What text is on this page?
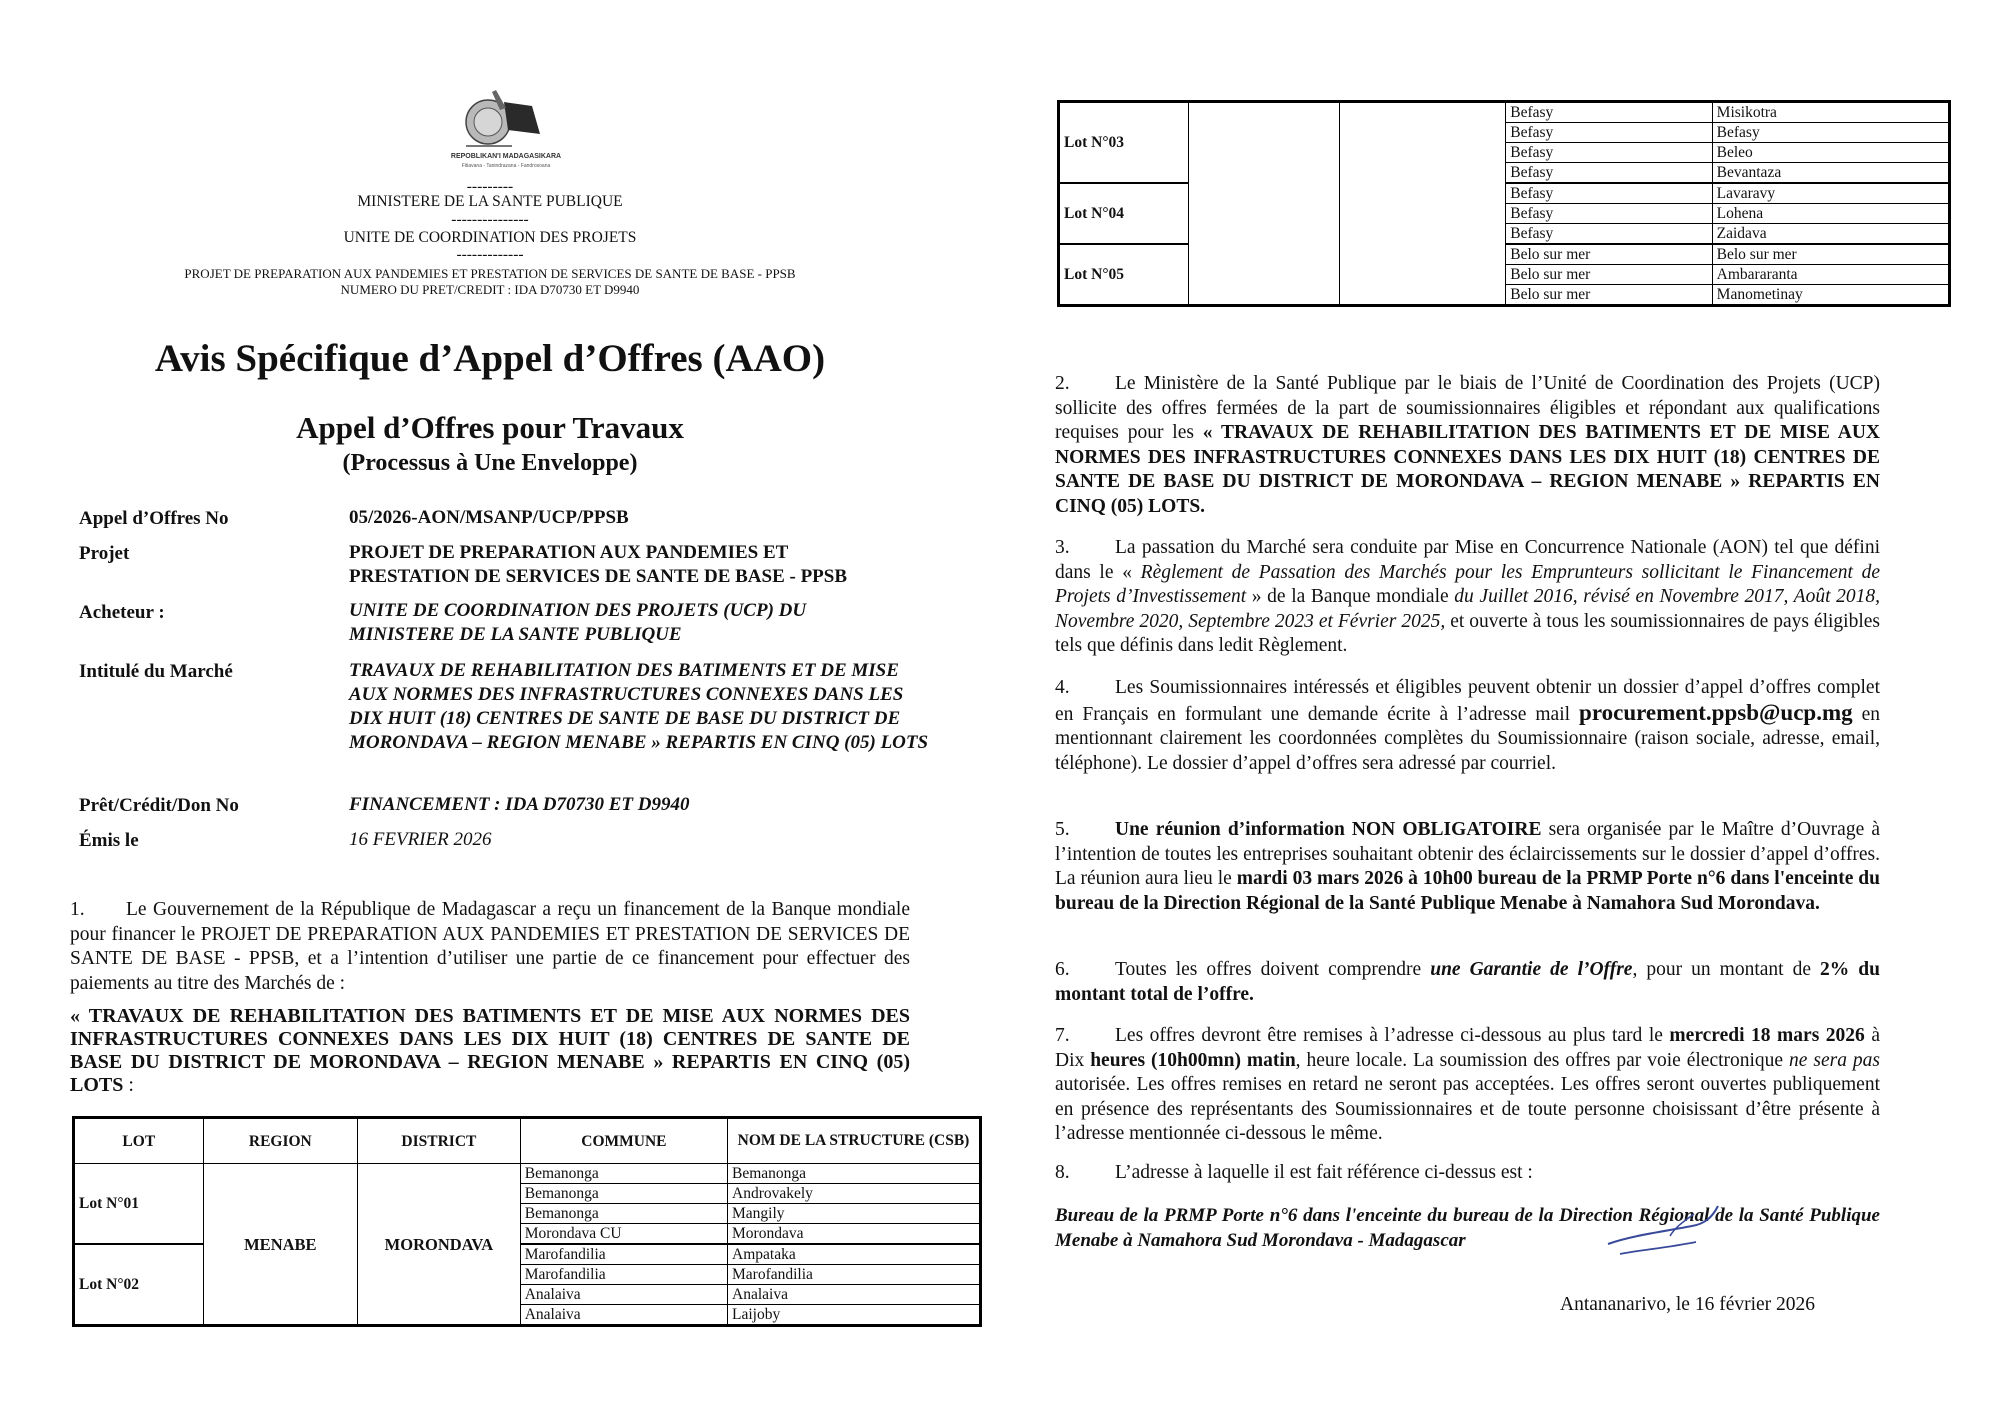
REPOBLIKAN'I MADAGASIKARA
Fitiavana - Tanindrazana - Fandrosoana
---------
MINISTERE DE LA SANTE PUBLIQUE
---------------
UNITE DE COORDINATION DES PROJETS
-------------
PROJET DE PREPARATION AUX PANDEMIES ET PRESTATION DE SERVICES DE SANTE DE BASE - PPSB
NUMERO DU PRET/CREDIT : IDA D70730 ET D9940
Avis Spécifique d’Appel d’Offres (AAO)
Appel d’Offres pour Travaux
(Processus à Une Enveloppe)
Appel d’Offres No	05/2026-AON/MSANP/UCP/PPSB
Projet	PROJET DE PREPARATION AUX PANDEMIES ET PRESTATION DE SERVICES DE SANTE DE BASE - PPSB
Acheteur :	UNITE DE COORDINATION DES PROJETS (UCP) DU MINISTERE DE LA SANTE PUBLIQUE
Intitulé du Marché	TRAVAUX DE REHABILITATION DES BATIMENTS ET DE MISE AUX NORMES DES INFRASTRUCTURES CONNEXES DANS LES DIX HUIT (18) CENTRES DE SANTE DE BASE DU DISTRICT DE MORONDAVA – REGION MENABE » REPARTIS EN CINQ (05) LOTS
Prêt/Crédit/Don No	FINANCEMENT : IDA D70730 ET D9940
Émis le	16 FEVRIER 2026
1. Le Gouvernement de la République de Madagascar a reçu un financement de la Banque mondiale pour financer le PROJET DE PREPARATION AUX PANDEMIES ET PRESTATION DE SERVICES DE SANTE DE BASE - PPSB, et a l’intention d’utiliser une partie de ce financement pour effectuer des paiements au titre des Marchés de :
« TRAVAUX DE REHABILITATION DES BATIMENTS ET DE MISE AUX NORMES DES INFRASTRUCTURES CONNEXES DANS LES DIX HUIT (18) CENTRES DE SANTE DE BASE DU DISTRICT DE MORONDAVA – REGION MENABE » REPARTIS EN CINQ (05) LOTS :
LOT	REGION	DISTRICT	COMMUNE	NOM DE LA STRUCTURE (CSB)
Lot N°01	MENABE	MORONDAVA	Bemanonga	Bemanonga
			Bemanonga	Androvakely
			Bemanonga	Mangily
			Morondava CU	Morondava
Lot N°02			Marofandilia	Ampataka
			Marofandilia	Marofandilia
			Analaiva	Analaiva
			Analaiva	Laijoby
Lot N°03			Befasy	Misikotra
			Befasy	Befasy
			Befasy	Beleo
			Befasy	Bevantaza
Lot N°04			Befasy	Lavaravy
			Befasy	Lohena
			Befasy	Zaidava
Lot N°05			Belo sur mer	Belo sur mer
			Belo sur mer	Ambararanta
			Belo sur mer	Manometinay
2. Le Ministère de la Santé Publique par le biais de l’Unité de Coordination des Projets (UCP) sollicite des offres fermées de la part de soumissionnaires éligibles et répondant aux qualifications requises pour les « TRAVAUX DE REHABILITATION DES BATIMENTS ET DE MISE AUX NORMES DES INFRASTRUCTURES CONNEXES DANS LES DIX HUIT (18) CENTRES DE SANTE DE BASE DU DISTRICT DE MORONDAVA – REGION MENABE » REPARTIS EN CINQ (05) LOTS.
3. La passation du Marché sera conduite par Mise en Concurrence Nationale (AON) tel que défini dans le « Règlement de Passation des Marchés pour les Emprunteurs sollicitant le Financement de Projets d’Investissement » de la Banque mondiale du Juillet 2016, révisé en Novembre 2017, Août 2018, Novembre 2020, Septembre 2023 et Février 2025, et ouverte à tous les soumissionnaires de pays éligibles tels que définis dans ledit Règlement.
4. Les Soumissionnaires intéressés et éligibles peuvent obtenir un dossier d’appel d’offres complet en Français en formulant une demande écrite à l’adresse mail procurement.ppsb@ucp.mg en mentionnant clairement les coordonnées complètes du Soumissionnaire (raison sociale, adresse, email, téléphone). Le dossier d’appel d’offres sera adressé par courriel.
5. Une réunion d’information NON OBLIGATOIRE sera organisée par le Maître d’Ouvrage à l’intention de toutes les entreprises souhaitant obtenir des éclaircissements sur le dossier d’appel d’offres. La réunion aura lieu le mardi 03 mars 2026 à 10h00 bureau de la PRMP Porte n°6 dans l'enceinte du bureau de la Direction Régional de la Santé Publique Menabe à Namahora Sud Morondava.
6. Toutes les offres doivent comprendre une Garantie de l’Offre, pour un montant de 2% du montant total de l’offre.
7. Les offres devront être remises à l’adresse ci-dessous au plus tard le mercredi 18 mars 2026 à Dix heures (10h00mn) matin, heure locale. La soumission des offres par voie électronique ne sera pas autorisée. Les offres remises en retard ne seront pas acceptées. Les offres seront ouvertes publiquement en présence des représentants des Soumissionnaires et de toute personne choisissant d’être présente à l’adresse mentionnée ci-dessous le même.
8. L’adresse à laquelle il est fait référence ci-dessus est :
Bureau de la PRMP Porte n°6 dans l'enceinte du bureau de la Direction Régional de la Santé Publique Menabe à Namahora Sud Morondava - Madagascar
Antananarivo, le 16 février 2026
